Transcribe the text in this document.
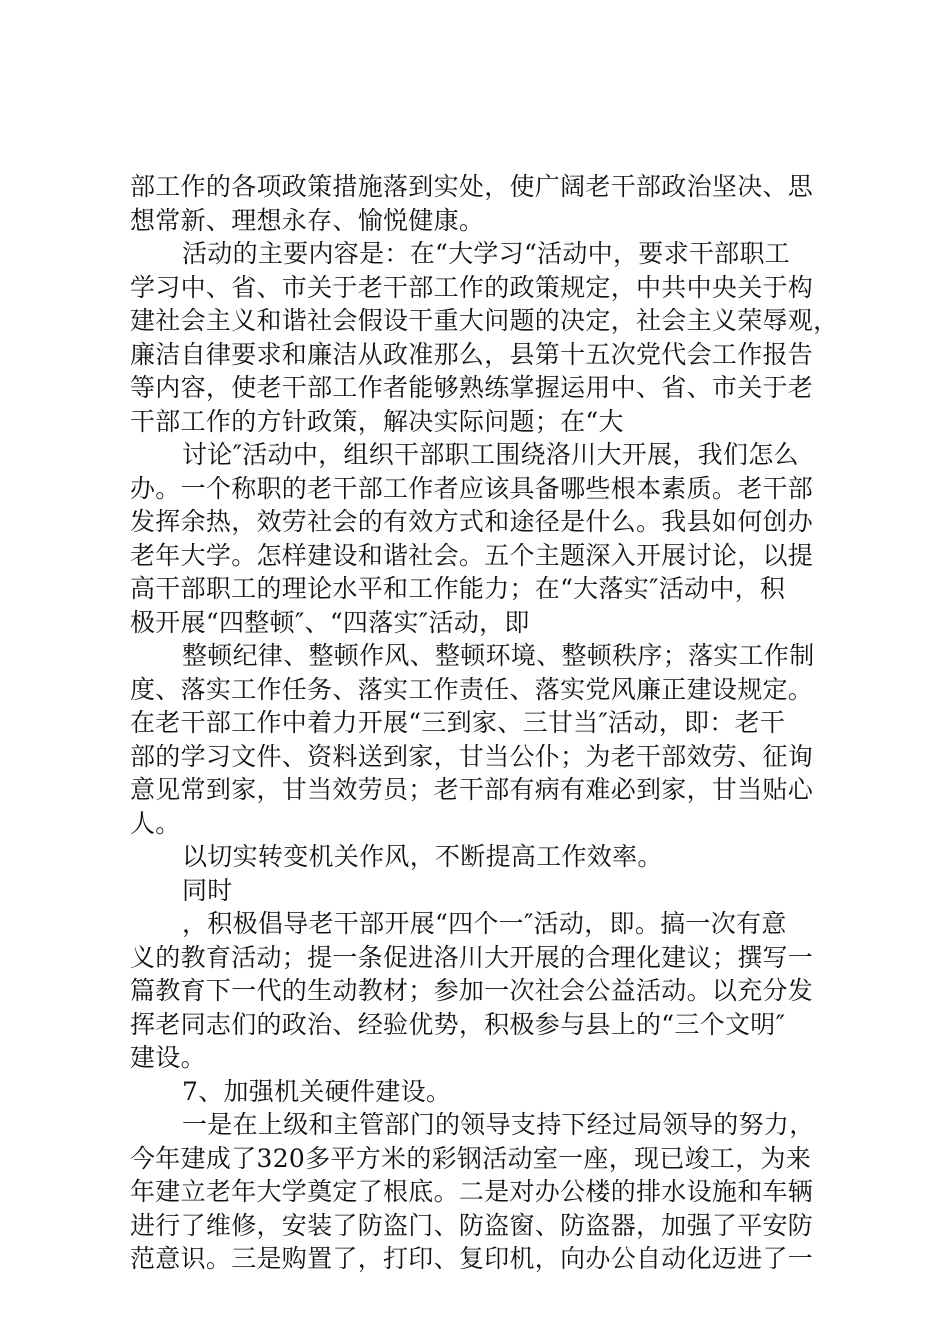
部工作的各项政策措施落到实处，使广阔老干部政治坚决、思
想常新、理想永存、愉悦健康。
活动的主要内容是：在“大学习“活动中，要求干部职工
学习中、省、市关于老干部工作的政策规定，中共中央关于构
建社会主义和谐社会假设干重大问题的决定，社会主义荣辱观，
廉洁自律要求和廉洁从政准那么，县第十五次党代会工作报告
等内容，使老干部工作者能够熟练掌握运用中、省、市关于老
干部工作的方针政策，解决实际问题；在“大
讨论″活动中，组织干部职工围绕洛川大开展，我们怎么
办。一个称职的老干部工作者应该具备哪些根本素质。老干部
发挥余热，效劳社会的有效方式和途径是什么。我县如何创办
老年大学。怎样建设和谐社会。五个主题深入开展讨论，以提
高干部职工的理论水平和工作能力；在“大落实″活动中，积
极开展“四整顿″、“四落实″活动，即
整顿纪律、整顿作风、整顿环境、整顿秩序；落实工作制
度、落实工作任务、落实工作责任、落实党风廉正建设规定。
在老干部工作中着力开展“三到家、三甘当″活动，即：老干
部的学习文件、资料送到家，甘当公仆；为老干部效劳、征询
意见常到家，甘当效劳员；老干部有病有难必到家，甘当贴心
人。
以切实转变机关作风，不断提高工作效率。
同时
，积极倡导老干部开展“四个一″活动，即。搞一次有意
义的教育活动；提一条促进洛川大开展的合理化建议；撰写一
篇教育下一代的生动教材；参加一次社会公益活动。以充分发
挥老同志们的政治、经验优势，积极参与县上的“三个文明″
建设。
7、加强机关硬件建设。
一是在上级和主管部门的领导支持下经过局领导的努力，
今年建成了320多平方米的彩钢活动室一座，现已竣工，为来
年建立老年大学奠定了根底。二是对办公楼的排水设施和车辆
进行了维修，安装了防盗门、防盗窗、防盗器，加强了平安防
范意识。三是购置了，打印、复印机，向办公自动化迈进了一
